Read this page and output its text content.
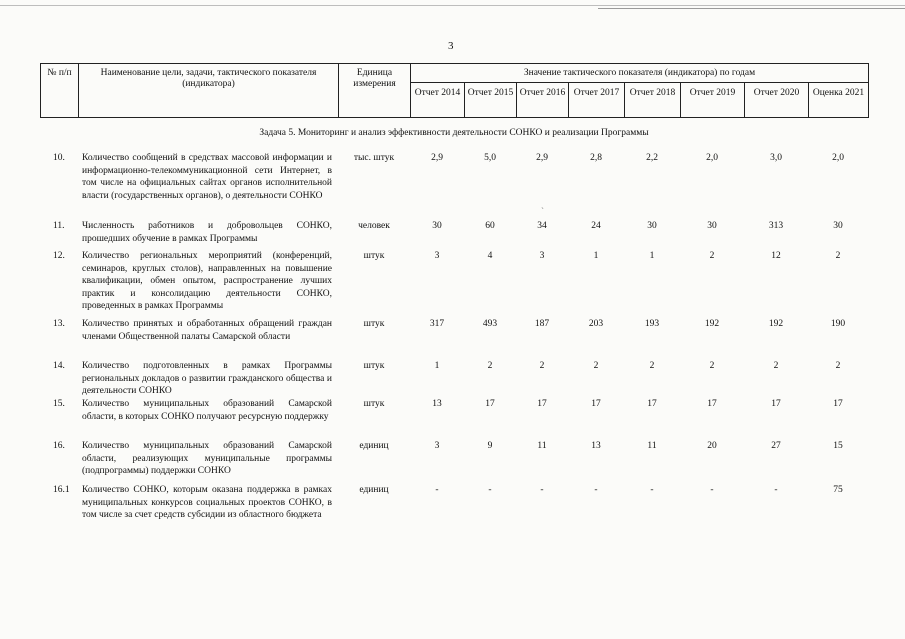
3
№ п/п	Наименование цели, задачи, тактического показателя (индикатора)	Единица измерения	Значение тактического показателя (индикатора) по годам							
			Отчет 2014	Отчет 2015	Отчет 2016	Отчет 2017	Отчет 2018	Отчет 2019	Отчет 2020	Оценка 2021
Задача 5. Мониторинг и анализ эффективности деятельности СОНКО и реализации Программы
10.	Количество сообщений в средствах массовой информации и информационно-телекоммуникационной сети Интернет, в том числе на официальных сайтах органов исполнительной власти (государственных органов), о деятельности СОНКО	тыс. штук	2,9	5,0	2,9	2,8	2,2	2,0	3,0	2,0
11.	Численность работников и добровольцев СОНКО, прошедших обучение в рамках Программы	человек	30	60	34	24	30	30	313	30
12.	Количество региональных мероприятий (конференций, семинаров, круглых столов), направленных на повышение квалификации, обмен опытом, распространение лучших практик и консолидацию деятельности СОНКО, проведенных в рамках Программы	штук	3	4	3	1	1	2	12	2
13.	Количество принятых и обработанных обращений граждан членами Общественной палаты Самарской области	штук	317	493	187	203	193	192	192	190
14.	Количество подготовленных в рамках Программы региональных докладов о развитии гражданского общества и деятельности СОНКО	штук	1	2	2	2	2	2	2	2
15.	Количество муниципальных образований Самарской области, в которых СОНКО получают ресурсную поддержку	штук	13	17	17	17	17	17	17	17
16.	Количество муниципальных образований Самарской области, реализующих муниципальные программы (подпрограммы) поддержки СОНКО	единиц	3	9	11	13	11	20	27	15
16.1	Количество СОНКО, которым оказана поддержка в рамках муниципальных конкурсов социальных проектов СОНКО, в том числе за счет средств субсидии из областного бюджета	единиц	-	-	-	-	-	-	-	75
`
